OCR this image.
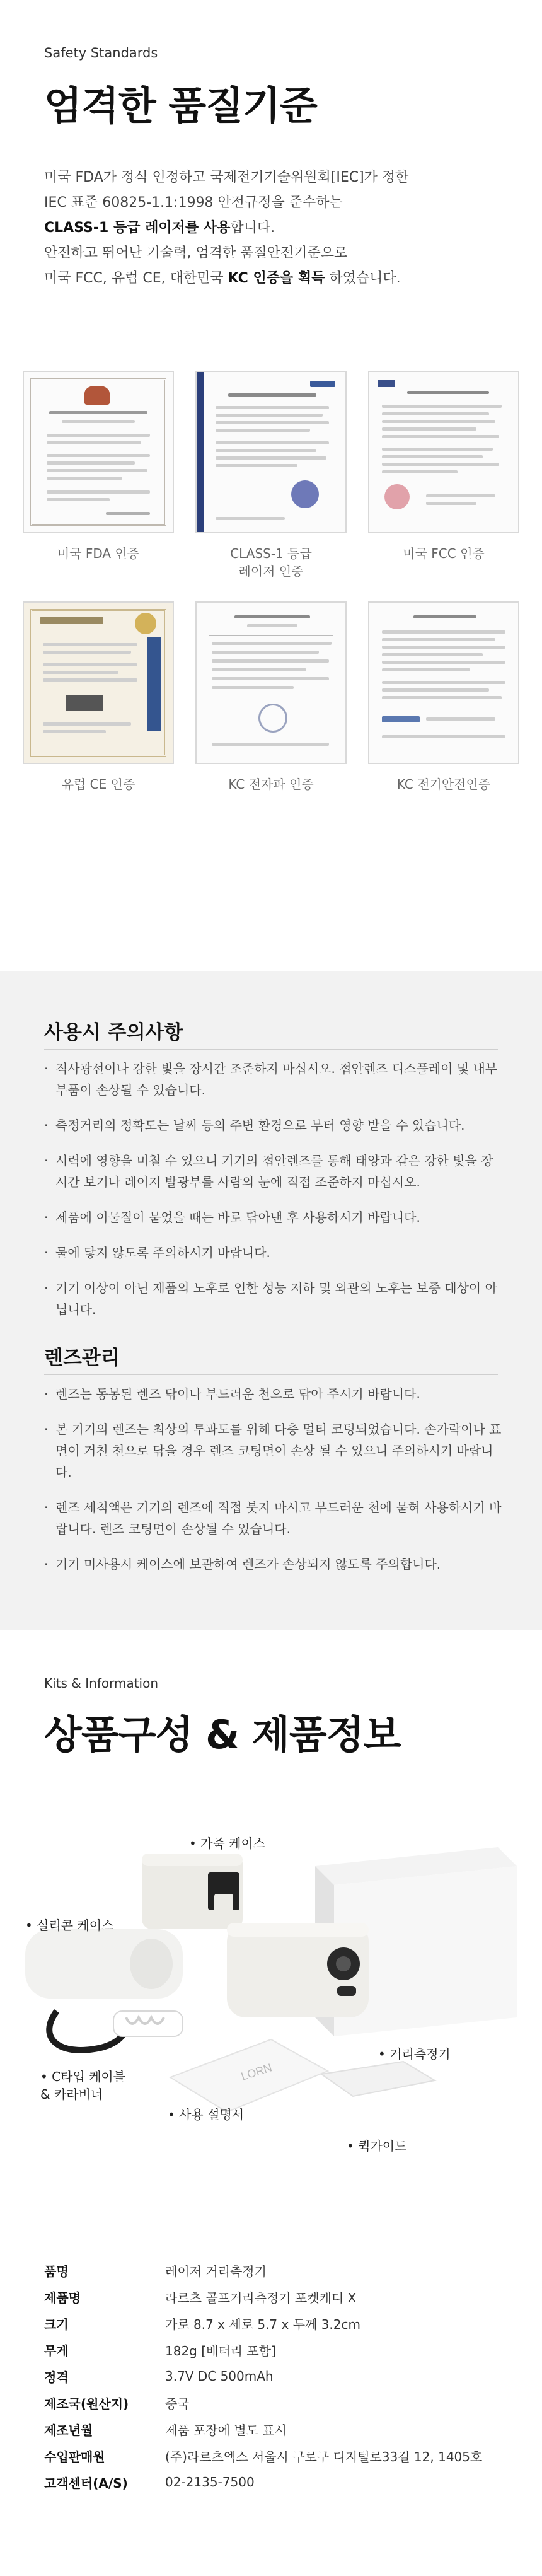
Safety Standards
엄격한 품질기준

미국 FDA가 정식 인정하고 국제전기기술위원회[IEC]가 정한

IEC 표준 60825-1.1:1998 안전규정을 준수하는

CLASS-1 등급 레이저를 사용합니다.

안전하고 뛰어난 기술력, 엄격한 품질안전기준으로

미국 FCC, 유럽 CE, 대한민국 KC 인증을 획득 하였습니다.

미국 FDA 인증	CLASS-1 등급
레이저 인증
미국 FCC 인증
유럽 CE 인증	KC 전자파 인증	KC 전기안전인증
사용시 주의사항
· 직사광선이나 강한 빛을 장시간 조준하지 마십시오. 접안렌즈 디스플레이 및 내부 부품이 손상될 수 있습니다.
· 측정거리의 정확도는 날씨 등의 주변 환경으로 부터 영향 받을 수 있습니다.
· 시력에 영향을 미칠 수 있으니 기기의 접안렌즈를 통해 태양과 같은 강한 빛을 장시간 보거나 레이저 발광부를 사람의 눈에 직접 조준하지 마십시오.
· 제품에 이물질이 묻었을 때는 바로 닦아낸 후 사용하시기 바랍니다.
· 물에 닿지 않도록 주의하시기 바랍니다.
· 기기 이상이 아닌 제품의 노후로 인한 성능 저하 및 외관의 노후는 보증 대상이 아닙니다.
렌즈관리
· 렌즈는 동봉된 렌즈 닦이나 부드러운 천으로 닦아 주시기 바랍니다.
· 본 기기의 렌즈는 최상의 투과도를 위해 다층 멀티 코팅되었습니다. 손가락이나 표면이 거친 천으로 닦을 경우 렌즈 코팅면이 손상 될 수 있으니 주의하시기 바랍니다.
· 렌즈 세척액은 기기의 렌즈에 직접 붓지 마시고 부드러운 천에 묻혀 사용하시기 바랍니다. 렌즈 코팅면이 손상될 수 있습니다.
· 기기 미사용시 케이스에 보관하여 렌즈가 손상되지 않도록 주의합니다.
Kits & Information
상품구성 & 제품정보
LORN
• 가죽 케이스
• 실리콘 케이스
• 거리측정기
• C타입 케이블
& 카라비너
• 사용 설명서
• 퀵가이드
품명	레이저 거리측정기
제품명	라르츠 골프거리측정기 포켓캐디 X
크기	가로 8.7 x 세로 5.7 x 두께 3.2cm
무게	182g [배터리 포함]
정격	3.7V DC 500mAh
제조국(원산지)	중국
제조년월	제품 포장에 별도 표시
수입판매원	(주)라르츠엑스 서울시 구로구 디지털로33길 12, 1405호
고객센터(A/S)	02-2135-7500
